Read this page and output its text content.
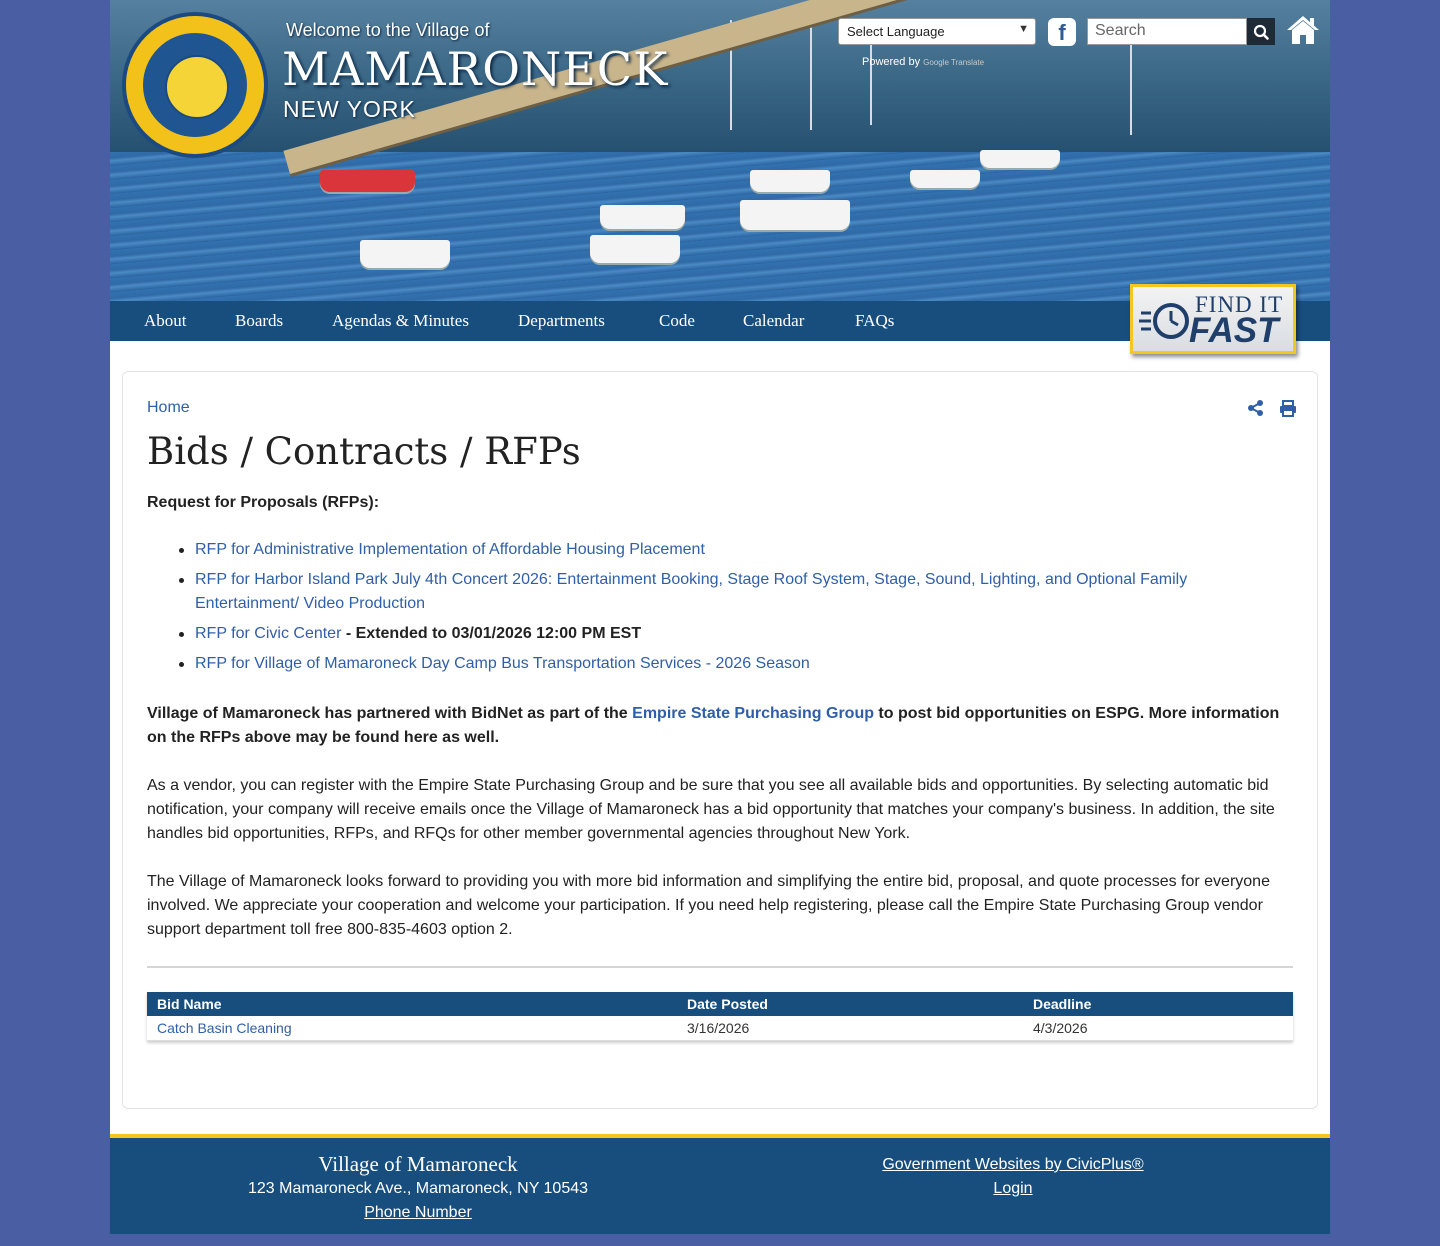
Welcome to the Village of
MAMARONECK
NEW YORK
Select Language	▼
Powered by Google Translate
f	Search
About	Boards	Agendas & Minutes	Departments	Code	Calendar	FAQs
FIND IT
FAST
Home
Bids / Contracts / RFPs
Request for Proposals (RFPs):
RFP for Administrative Implementation of Affordable Housing Placement
RFP for Harbor Island Park July 4th Concert 2026: Entertainment Booking, Stage Roof System, Stage, Sound, Lighting, and Optional Family Entertainment/ Video Production
RFP for Civic Center - Extended to 03/01/2026 12:00 PM EST
RFP for Village of Mamaroneck Day Camp Bus Transportation Services - 2026 Season

Village of Mamaroneck has partnered with BidNet as part of the Empire State Purchasing Group to post bid opportunities on ESPG. More information on the RFPs above may be found here as well.

As a vendor, you can register with the Empire State Purchasing Group and be sure that you see all available bids and opportunities. By selecting automatic bid notification, your company will receive emails once the Village of Mamaroneck has a bid opportunity that matches your company's business. In addition, the site handles bid opportunities, RFPs, and RFQs for other member governmental agencies throughout New York.

The Village of Mamaroneck looks forward to providing you with more bid information and simplifying the entire bid, proposal, and quote processes for everyone involved. We appreciate your cooperation and welcome your participation. If you need help registering, please call the Empire State Purchasing Group vendor support department toll free 800-835-4603 option 2.

Bid Name	Date Posted	Deadline
Catch Basin Cleaning	3/16/2026	4/3/2026
Village of Mamaroneck
123 Mamaroneck Ave., Mamaroneck, NY 10543
Phone Number
Government Websites by CivicPlus®
Login
